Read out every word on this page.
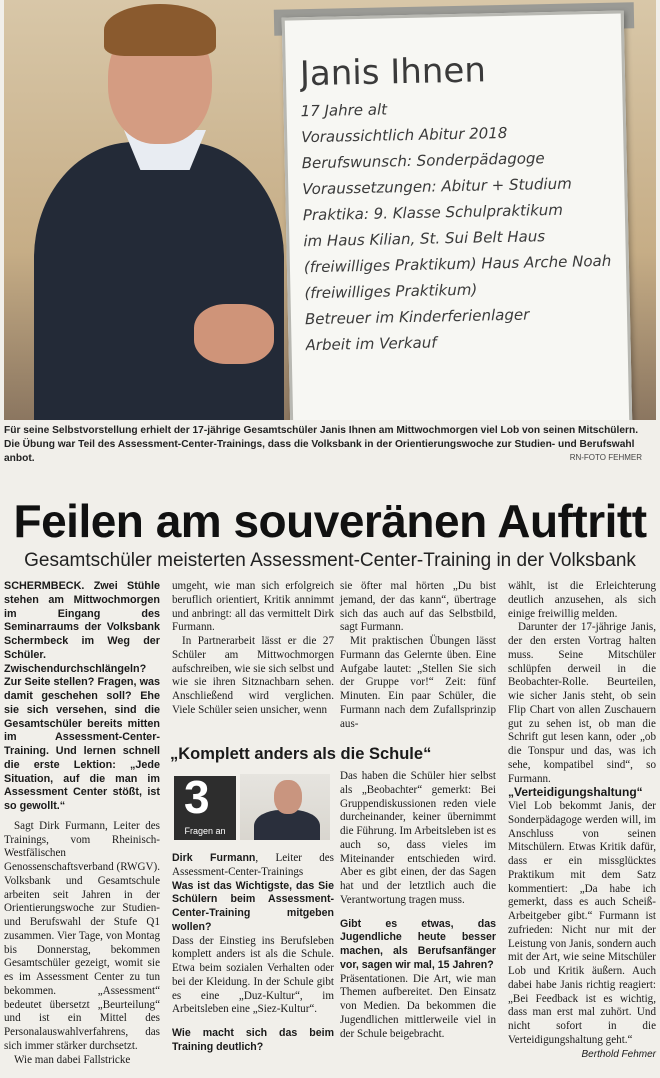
Janis Ihnen
17 Jahre alt
Voraussichtlich Abitur 2018
Berufswunsch: Sonderpädagoge
Voraussetzungen: Abitur + Studium
Praktika: 9. Klasse Schulpraktikum
im Haus Kilian, St. Sui Belt Haus
(freiwilliges Praktikum) Haus Arche Noah
(freiwilliges Praktikum)
Betreuer im Kinderferienlager
Arbeit im Verkauf
Für seine Selbstvorstellung erhielt der 17-jährige Gesamtschüler Janis Ihnen am Mittwochmorgen viel Lob von seinen Mitschülern. Die Übung war Teil des Assessment-Center-Trainings, dass die Volksbank in der Orientierungswoche zur Studien- und Berufswahl anbot.	RN-FOTO FEHMER
Feilen am souveränen Auftritt
Gesamtschüler meisterten Assessment-Center-Training in der Volksbank

SCHERMBECK. Zwei Stühle stehen am Mittwochmorgen im Eingang des Seminarraums der Volksbank Schermbeck im Weg der Schüler. Zwischendurchschlängeln? Zur Seite stellen? Fragen, was damit geschehen soll? Ehe sie sich versehen, sind die Gesamtschüler bereits mitten im Assessment-Center-Training. Und lernen schnell die erste Lektion: „Jede Situation, auf die man im Assessment Center stößt, ist so gewollt.“

Sagt Dirk Furmann, Leiter des Trainings, vom Rheinisch-Westfälischen Genossenschaftsverband (RWGV). Volksbank und Gesamtschule arbeiten seit Jahren in der Orientierungswoche zur Studien- und Berufswahl der Stufe Q1 zusammen. Vier Tage, von Montag bis Donnerstag, bekommen Gesamtschüler gezeigt, womit sie es im Assessment Center zu tun bekommen. „Assessment“ bedeutet übersetzt „Beurteilung“ und ist ein Mittel des Personalauswahlverfahrens, das sich immer stärker durchsetzt.

Wie man dabei Fallstricke

umgeht, wie man sich erfolgreich beruflich orientiert, Kritik annimmt und anbringt: all das vermittelt Dirk Furmann.

In Partnerarbeit lässt er die 27 Schüler am Mittwochmorgen aufschreiben, wie sie sich selbst und wie sie ihren Sitznachbarn sehen. Anschließend wird verglichen. Viele Schüler seien unsicher, wenn

sie öfter mal hörten „Du bist jemand, der das kann“, übertrage sich das auch auf das Selbstbild, sagt Furmann.

Mit praktischen Übungen lässt Furmann das Gelernte üben. Eine Aufgabe lautet: „Stellen Sie sich der Gruppe vor!“ Zeit: fünf Minuten. Ein paar Schüler, die Furmann nach dem Zufallsprinzip aus-

„Komplett anders als die Schule“
3
Fragen an

Dirk Furmann, Leiter des Assessment-Center-Trainings

Was ist das Wichtigste, das Sie Schülern beim Assessment-Center-Training mitgeben wollen?

Dass der Einstieg ins Berufsleben komplett anders ist als die Schule. Etwa beim sozialen Verhalten oder bei der Kleidung. In der Schule gibt es eine „Duz-Kultur“, im Arbeitsleben eine „Siez-Kultur“.

Wie macht sich das beim Training deutlich?

Das haben die Schüler hier selbst als „Beobachter“ gemerkt: Bei Gruppendiskussionen reden viele durcheinander, keiner übernimmt die Führung. Im Arbeitsleben ist es auch so, dass vieles im Miteinander entschieden wird. Aber es gibt einen, der das Sagen hat und der letztlich auch die Verantwortung tragen muss.

Gibt es etwas, das Jugendliche heute besser machen, als Berufsanfänger vor, sagen wir mal, 15 Jahren?

Präsentationen. Die Art, wie man Themen aufbereitet. Den Einsatz von Medien. Da bekommen die Jugendlichen mittlerweile viel in der Schule beigebracht.

wählt, ist die Erleichterung deutlich anzusehen, als sich einige freiwillig melden.

Darunter der 17-jährige Janis, der den ersten Vortrag halten muss. Seine Mitschüler schlüpfen derweil in die Beobachter-Rolle. Beurteilen, wie sicher Janis steht, ob sein Flip Chart von allen Zuschauern gut zu sehen ist, ob man die Schrift gut lesen kann, oder „ob die Tonspur und das, was ich sehe, kompatibel sind“, so Furmann.

„Verteidigungshaltung“

Viel Lob bekommt Janis, der Sonderpädagoge werden will, im Anschluss von seinen Mitschülern. Etwas Kritik dafür, dass er ein missglücktes Praktikum mit dem Satz kommentiert: „Da habe ich gemerkt, dass es auch Scheiß-Arbeitgeber gibt.“ Furmann ist zufrieden: Nicht nur mit der Leistung von Janis, sondern auch mit der Art, wie seine Mitschüler Lob und Kritik äußern. Auch dabei habe Janis richtig reagiert: „Bei Feedback ist es wichtig, dass man erst mal zuhört. Und nicht sofort in die Verteidigungshaltung geht.“
Berthold Fehmer
